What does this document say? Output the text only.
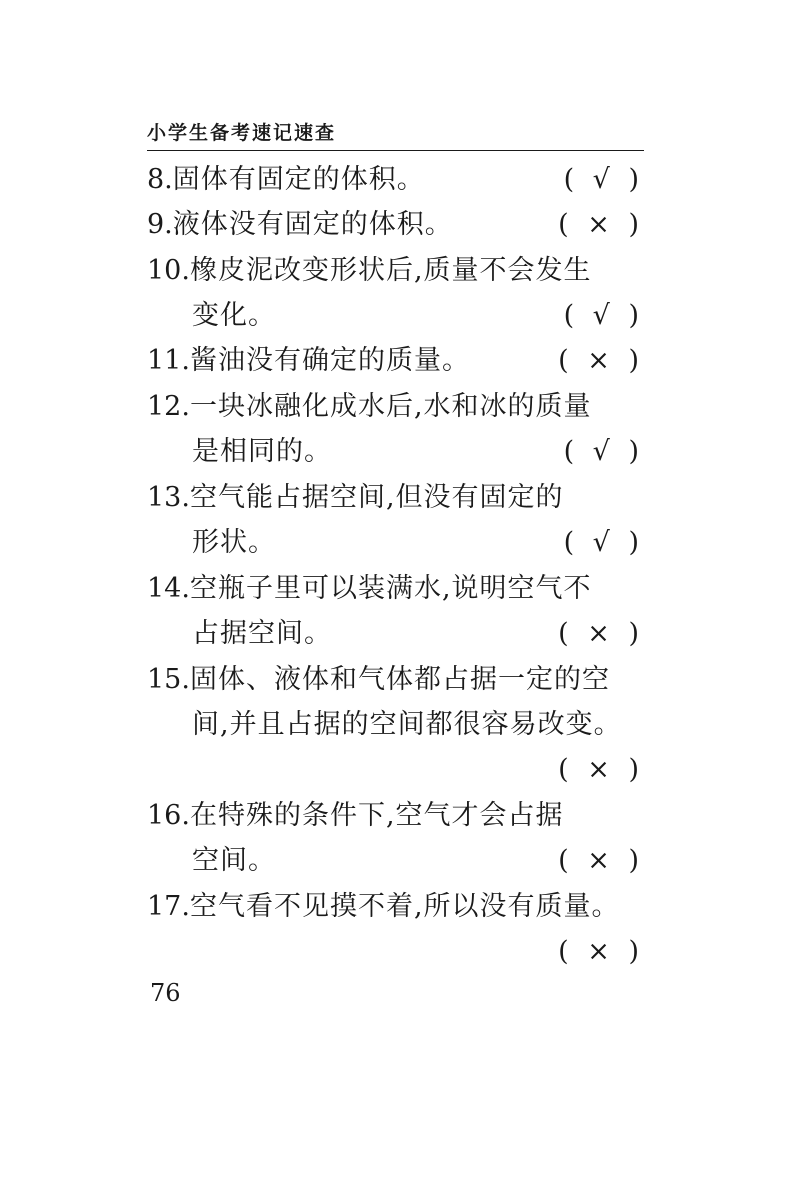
小学生备考速记速查
8.固体有固定的体积。	( √ )
9.液体没有固定的体积。	( × )
10.橡皮泥改变形状后,质量不会发生
变化。	( √ )
11.酱油没有确定的质量。	( × )
12.一块冰融化成水后,水和冰的质量
是相同的。	( √ )
13.空气能占据空间,但没有固定的
形状。	( √ )
14.空瓶子里可以装满水,说明空气不
占据空间。	( × )
15.固体、液体和气体都占据一定的空
间,并且占据的空间都很容易改变。
( × )
16.在特殊的条件下,空气才会占据
空间。	( × )
17.空气看不见摸不着,所以没有质量。
( × )
76
